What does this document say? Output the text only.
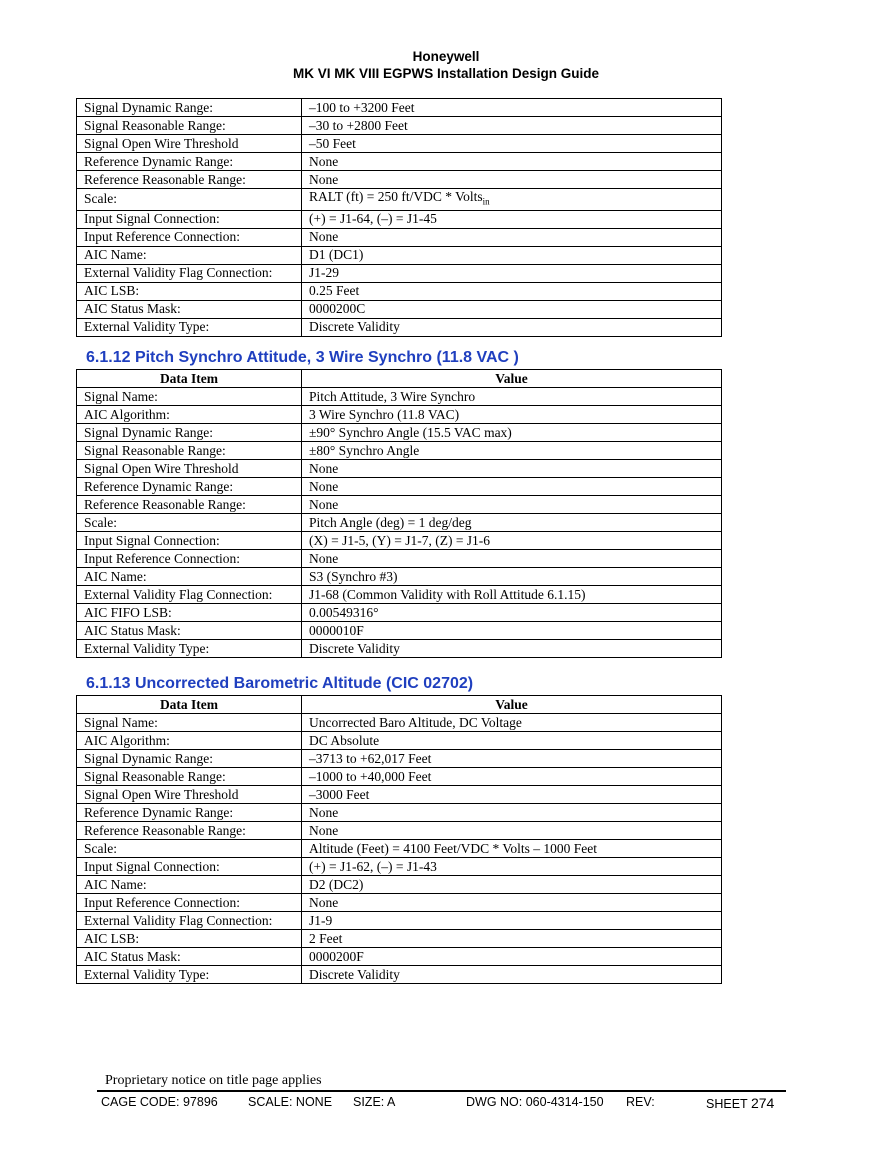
Honeywell
MK VI MK VIII EGPWS Installation Design Guide
Signal Dynamic Range:	–100 to +3200 Feet
Signal Reasonable Range:	–30 to +2800 Feet
Signal Open Wire Threshold	–50 Feet
Reference Dynamic Range:	None
Reference Reasonable Range:	None
Scale:	RALT (ft) = 250 ft/VDC * Volts$_{in}$
Input Signal Connection:	(+) = J1-64, (–) = J1-45
Input Reference Connection:	None
AIC Name:	D1 (DC1)
External Validity Flag Connection:	J1-29
AIC LSB:	0.25 Feet
AIC Status Mask:	0000200C
External Validity Type:	Discrete Validity
6.1.12 Pitch Synchro Attitude, 3 Wire Synchro (11.8 VAC )
Data Item	Value
Signal Name:	Pitch Attitude, 3 Wire Synchro
AIC Algorithm:	3 Wire Synchro (11.8 VAC)
Signal Dynamic Range:	±90° Synchro Angle (15.5 VAC max)
Signal Reasonable Range:	±80° Synchro Angle
Signal Open Wire Threshold	None
Reference Dynamic Range:	None
Reference Reasonable Range:	None
Scale:	Pitch Angle (deg) = 1 deg/deg
Input Signal Connection:	(X) = J1-5, (Y) = J1-7, (Z) = J1-6
Input Reference Connection:	None
AIC Name:	S3 (Synchro #3)
External Validity Flag Connection:	J1-68 (Common Validity with Roll Attitude 6.1.15)
AIC FIFO LSB:	0.00549316°
AIC Status Mask:	0000010F
External Validity Type:	Discrete Validity
6.1.13 Uncorrected Barometric Altitude (CIC 02702)
Data Item	Value
Signal Name:	Uncorrected Baro Altitude, DC Voltage
AIC Algorithm:	DC Absolute
Signal Dynamic Range:	–3713 to +62,017 Feet
Signal Reasonable Range:	–1000 to +40,000 Feet
Signal Open Wire Threshold	–3000 Feet
Reference Dynamic Range:	None
Reference Reasonable Range:	None
Scale:	Altitude (Feet) = 4100 Feet/VDC * Volts – 1000 Feet
Input Signal Connection:	(+) = J1-62, (–) = J1-43
AIC Name:	D2 (DC2)
Input Reference Connection:	None
External Validity Flag Connection:	J1-9
AIC LSB:	2 Feet
AIC Status Mask:	0000200F
External Validity Type:	Discrete Validity
Proprietary notice on title page applies
CAGE CODE: 97896 SCALE: NONE SIZE: A	DWG NO: 060-4314-150 REV:	SHEET 274
